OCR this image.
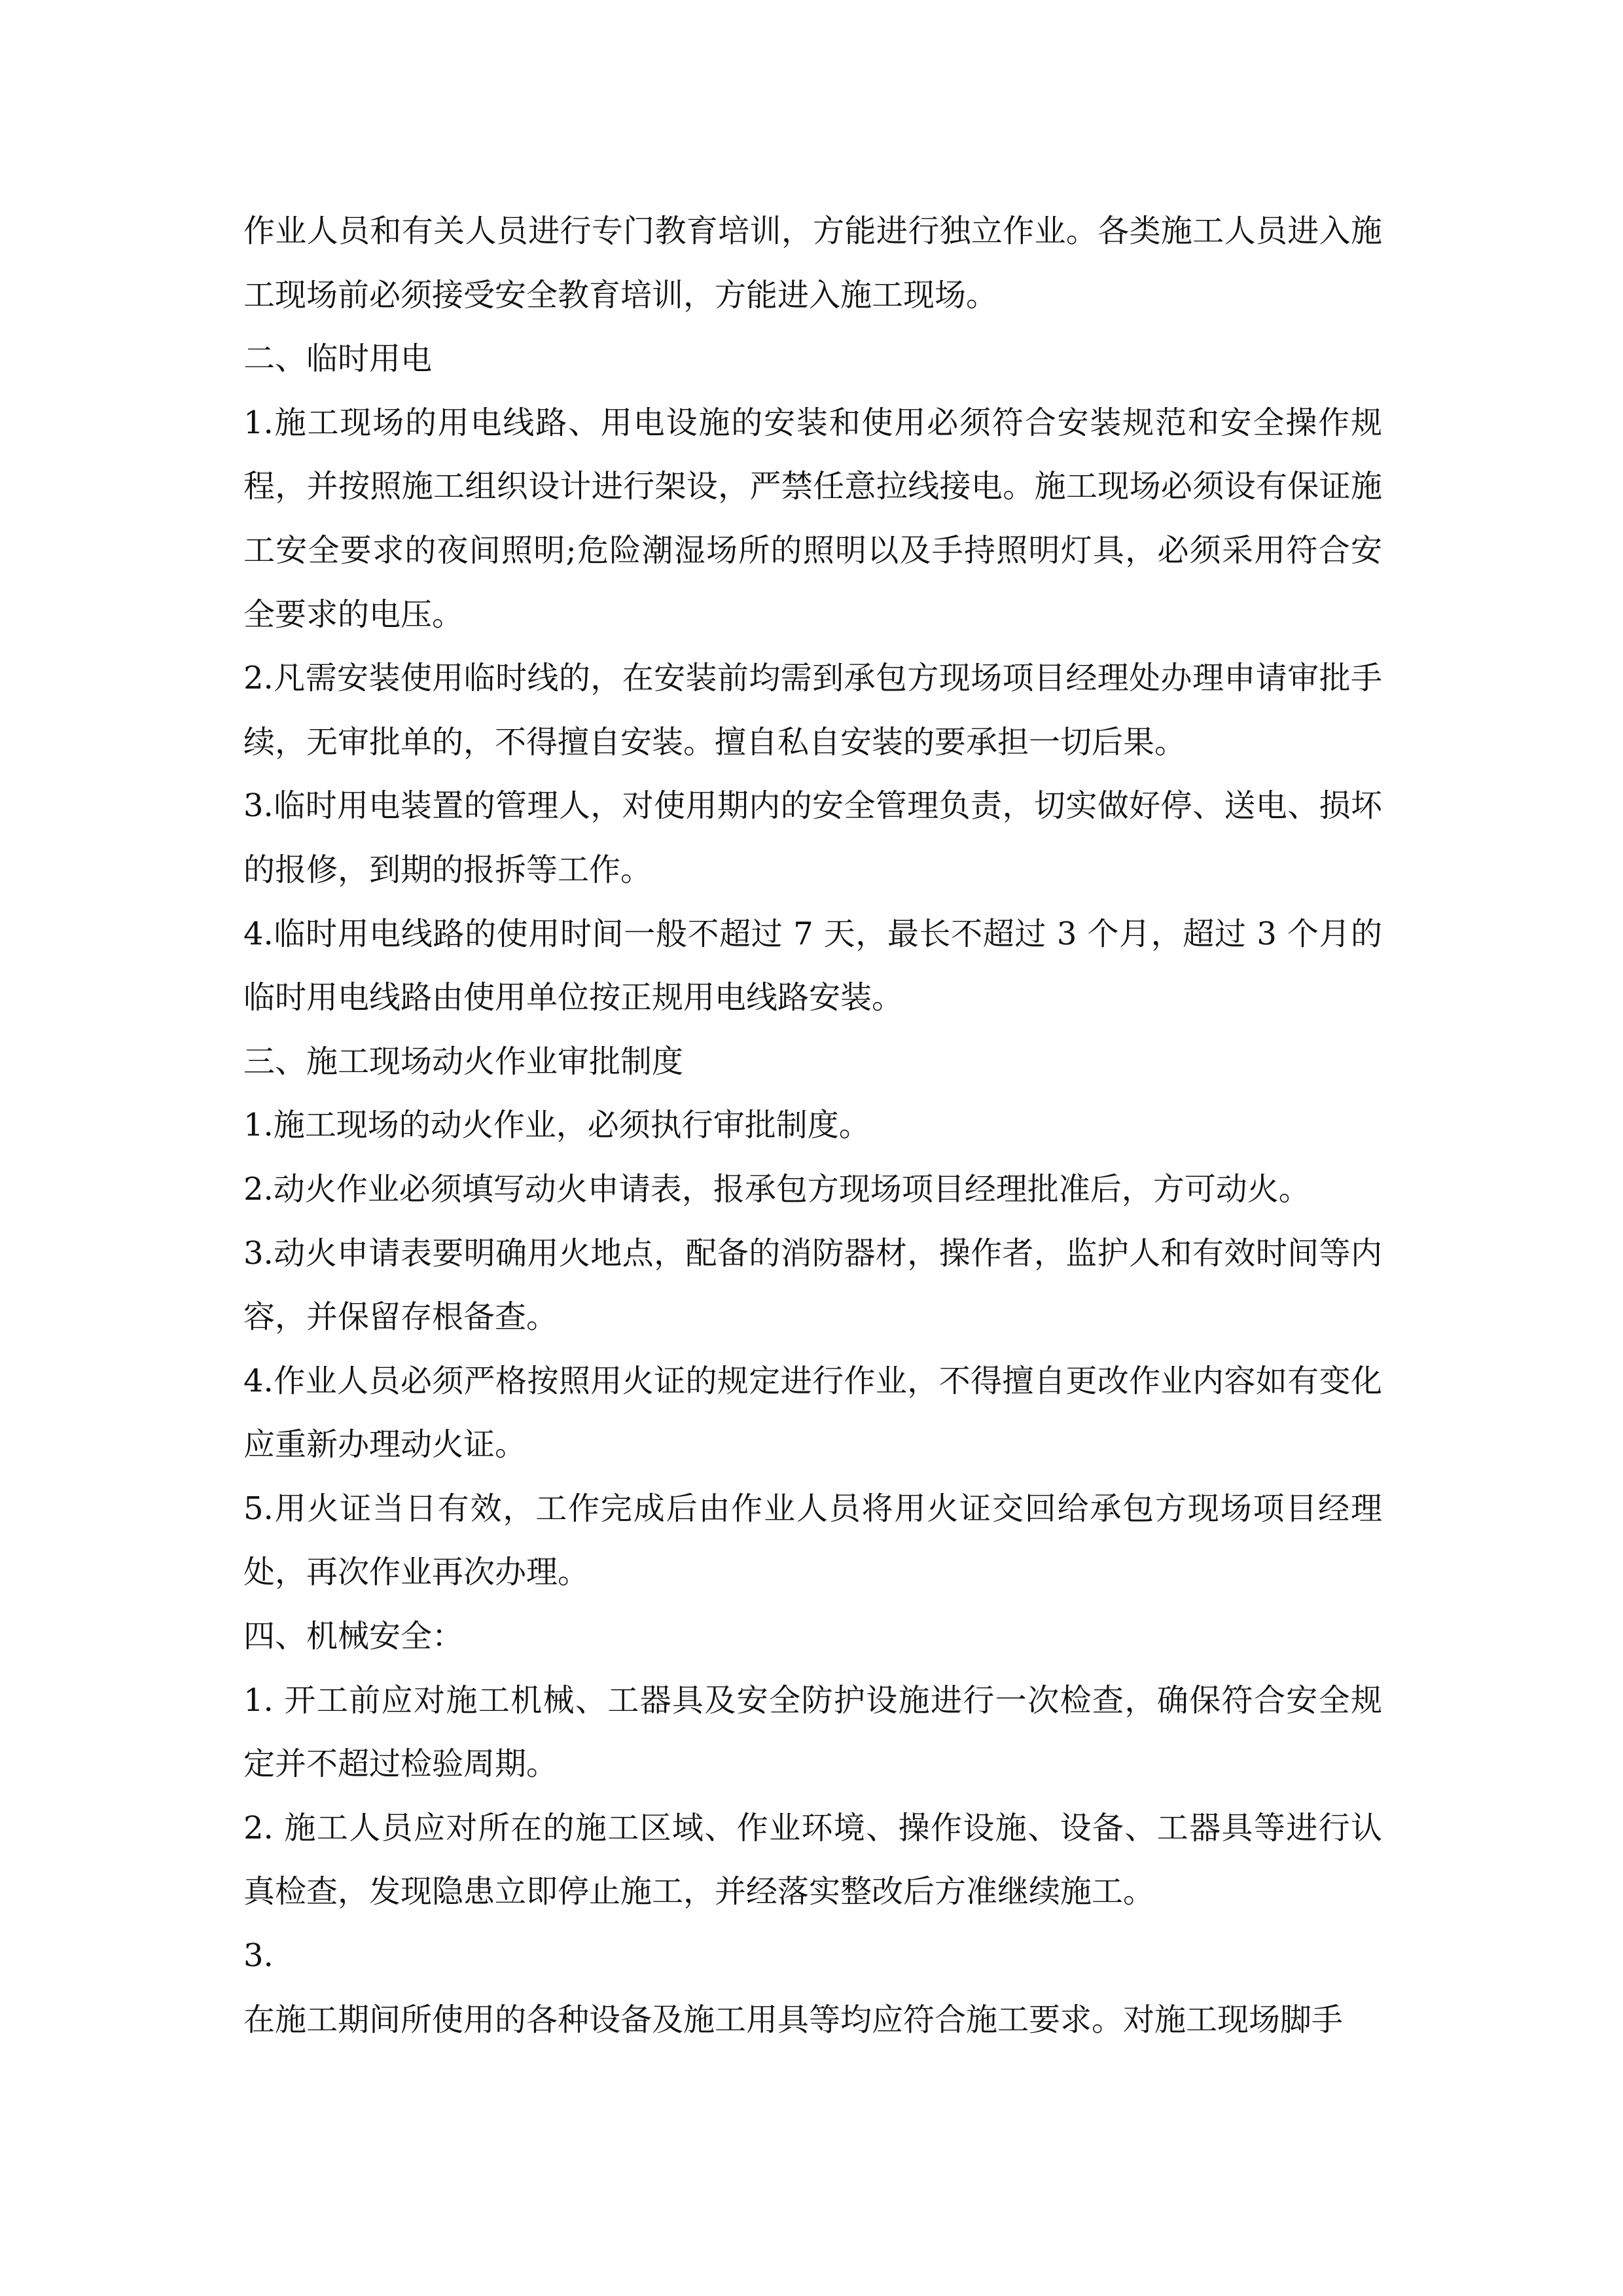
作业人员和有关人员进行专门教育培训，方能进行独立作业。各类施工人员进入施工现场前必须接受安全教育培训，方能进入施工现场。

二、临时用电

1.施工现场的用电线路、用电设施的安装和使用必须符合安装规范和安全操作规程，并按照施工组织设计进行架设，严禁任意拉线接电。施工现场必须设有保证施工安全要求的夜间照明;危险潮湿场所的照明以及手持照明灯具，必须采用符合安全要求的电压。

2.凡需安装使用临时线的，在安装前均需到承包方现场项目经理处办理申请审批手续，无审批单的，不得擅自安装。擅自私自安装的要承担一切后果。

3.临时用电装置的管理人，对使用期内的安全管理负责，切实做好停、送电、损坏的报修，到期的报拆等工作。

4.临时用电线路的使用时间一般不超过 7 天，最长不超过 3 个月，超过 3 个月的临时用电线路由使用单位按正规用电线路安装。

三、施工现场动火作业审批制度

1.施工现场的动火作业，必须执行审批制度。

2.动火作业必须填写动火申请表，报承包方现场项目经理批准后，方可动火。

3.动火申请表要明确用火地点，配备的消防器材，操作者，监护人和有效时间等内容，并保留存根备查。

4.作业人员必须严格按照用火证的规定进行作业，不得擅自更改作业内容如有变化应重新办理动火证。

5.用火证当日有效，工作完成后由作业人员将用火证交回给承包方现场项目经理处，再次作业再次办理。

四、机械安全：

1. 开工前应对施工机械、工器具及安全防护设施进行一次检查，确保符合安全规定并不超过检验周期。

2. 施工人员应对所在的施工区域、作业环境、操作设施、设备、工器具等进行认真检查，发现隐患立即停止施工，并经落实整改后方准继续施工。

3.

在施工期间所使用的各种设备及施工用具等均应符合施工要求。对施工现场脚手
